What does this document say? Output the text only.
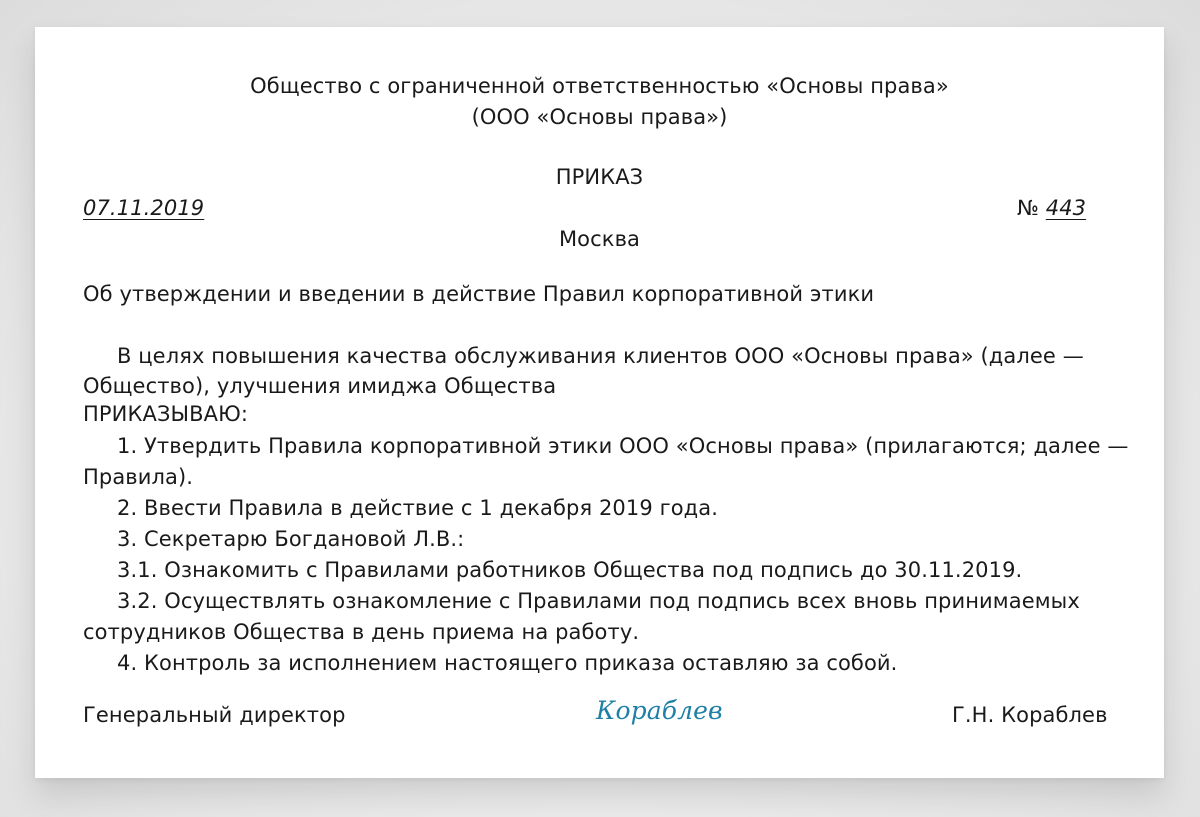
Общество с ограниченной ответственностью «Основы права»
(ООО «Основы права»)
ПРИКАЗ
07.11.2019	№ 443
Москва
Об утверждении и введении в действие Правил корпоративной этики
В целях повышения качества обслуживания клиентов ООО «Основы права» (далее —
Общество), улучшения имиджа Общества
ПРИКАЗЫВАЮ:
1. Утвердить Правила корпоративной этики ООО «Основы права» (прилагаются; далее —
Правила).
2. Ввести Правила в действие с 1 декабря 2019 года.
3. Секретарю Богдановой Л.В.:
3.1. Ознакомить с Правилами работников Общества под подпись до 30.11.2019.
3.2. Осуществлять ознакомление с Правилами под подпись всех вновь принимаемых
сотрудников Общества в день приема на работу.
4. Контроль за исполнением настоящего приказа оставляю за собой.
Генеральный директор	Кораблев	Г.Н. Кораблев
